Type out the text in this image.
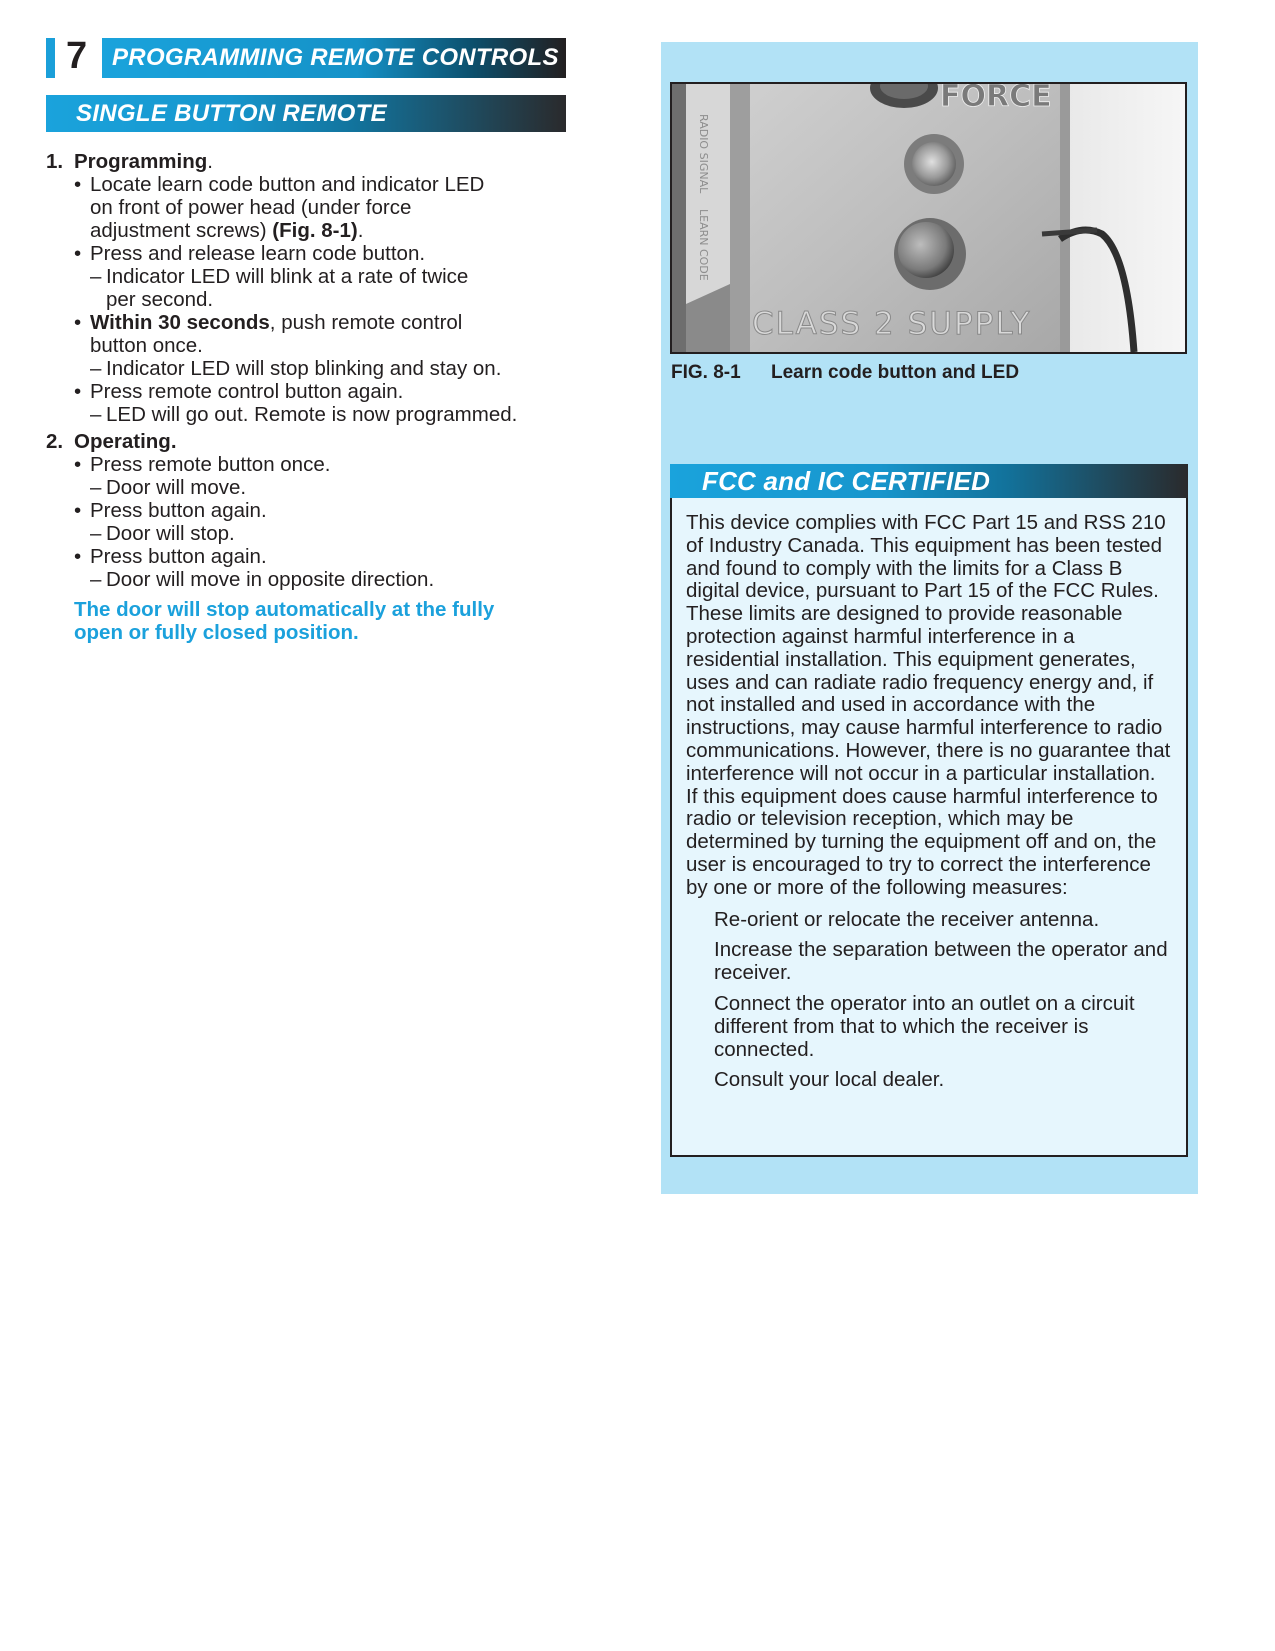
7	PROGRAMMING REMOTE CONTROLS
SINGLE BUTTON REMOTE
1. Programming.
• Locate learn code button and indicator LED
on front of power head (under force
adjustment screws) (Fig. 8-1).
• Press and release learn code button.
– Indicator LED will blink at a rate of twice
per second.
• Within 30 seconds, push remote control
button once.
– Indicator LED will stop blinking and stay on.
• Press remote control button again.
– LED will go out. Remote is now programmed.
2. Operating.
• Press remote button once.
– Door will move.
• Press button again.
– Door will stop.
• Press button again.
– Door will move in opposite direction.
The door will stop automatically at the fully
open or fully closed position.
FORCE
CLASS 2 SUPPLY
RADIO SIGNAL
LEARN CODE
FIG. 8-1 Learn code button and LED
FCC and IC CERTIFIED
This device complies with FCC Part 15 and RSS 210 of Industry Canada. This equipment has been tested and found to comply with the limits for a Class B digital device, pursuant to Part 15 of the FCC Rules. These limits are designed to provide reasonable protection against harmful interference in a residential installation. This equipment generates, uses and can radiate radio frequency energy and, if not installed and used in accordance with the instructions, may cause harmful interference to radio communications. However, there is no guarantee that interference will not occur in a particular installation. If this equipment does cause harmful interference to radio or television reception, which may be determined by turning the equipment off and on, the user is encouraged to try to correct the interference by one or more of the following measures:
Re-orient or relocate the receiver antenna.
Increase the separation between the operator and receiver.
Connect the operator into an outlet on a circuit different from that to which the receiver is connected.
Consult your local dealer.
